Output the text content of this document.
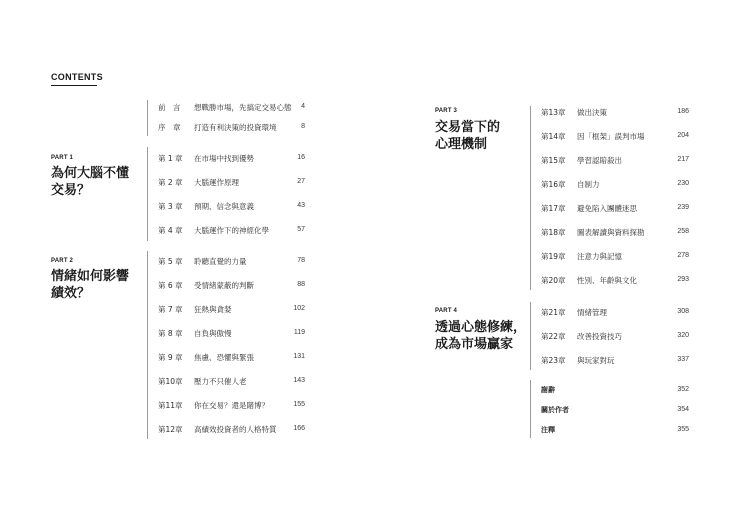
CONTENTS
前　言	想戰勝市場，先搞定交易心態 4
序　章	打造有利決策的投資環境	8
PART 1
為何大腦不懂
交易？
第 1 章	在市場中找到優勢	16
第 2 章	大腦運作原理	27
第 3 章	預期、信念與意義	43
第 4 章	大腦運作下的神經化學	57
PART 2
情緒如何影響
績效？
第 5 章	聆聽直覺的力量	78
第 6 章	受情緒蒙蔽的判斷	88
第 7 章	狂熱與貪婪	102
第 8 章	自負與傲慢	119
第 9 章	焦慮、恐懼與緊張	131
第10章	壓力不只催人老	143
第11章	你在交易？還是賭博？	155
第12章	高績效投資者的人格特質 166
PART 3
交易當下的
心理機制
第13章	做出決策	186
第14章	因「框架」誤判市場	204
第15章	學習認賠殺出	217
第16章	自制力	230
第17章	避免陷入團體迷思	239
第18章	圖表解讀與資料探勘	258
第19章	注意力與記憶	278
第20章	性別、年齡與文化	293
PART 4
透過心態修練，
成為市場贏家
第21章	情緒管理	308
第22章	改善投資技巧	320
第23章	與玩家對玩	337
謝辭	352
關於作者	354
注釋	355
